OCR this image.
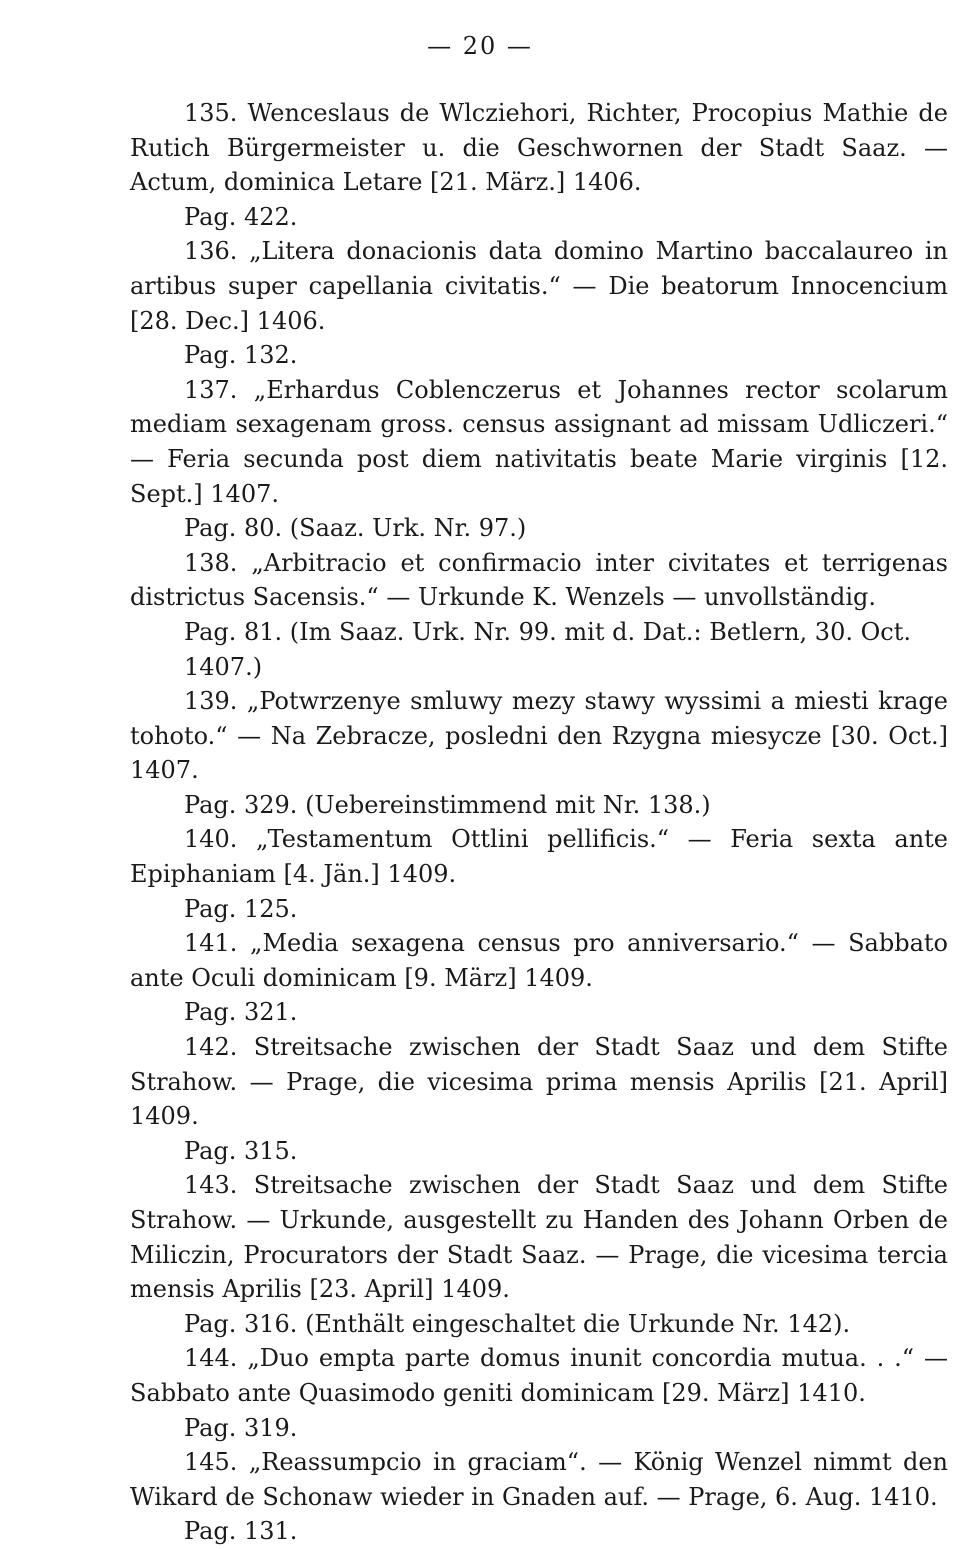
— 20 —

135. Wenceslaus de Wlcziehori, Richter, Procopius Mathie de Rutich Bürgermeister u. die Geschwornen der Stadt Saaz. — Actum, dominica Letare [21. März.] 1406.

Pag. 422.

136. „Litera donacionis data domino Martino baccalaureo in artibus super capellania civitatis.“ — Die beatorum Innocencium [28. Dec.] 1406.

Pag. 132.

137. „Erhardus Coblenczerus et Johannes rector scolarum mediam sexagenam gross. census assignant ad missam Udliczeri.“ — Feria secunda post diem nativitatis beate Marie virginis [12. Sept.] 1407.

Pag. 80. (Saaz. Urk. Nr. 97.)

138. „Arbitracio et confirmacio inter civitates et terrigenas districtus Sacensis.“ — Urkunde K. Wenzels — unvollständig.

Pag. 81. (Im Saaz. Urk. Nr. 99. mit d. Dat.: Betlern, 30. Oct. 1407.)

139. „Potwrzenye smluwy mezy stawy wyssimi a miesti krage tohoto.“ — Na Zebracze, posledni den Rzygna miesycze [30. Oct.] 1407.

Pag. 329. (Uebereinstimmend mit Nr. 138.)

140. „Testamentum Ottlini pellificis.“ — Feria sexta ante Epiphaniam [4. Jän.] 1409.

Pag. 125.

141. „Media sexagena census pro anniversario.“ — Sabbato ante Oculi dominicam [9. März] 1409.

Pag. 321.

142. Streitsache zwischen der Stadt Saaz und dem Stifte Strahow. — Prage, die vicesima prima mensis Aprilis [21. April] 1409.

Pag. 315.

143. Streitsache zwischen der Stadt Saaz und dem Stifte Strahow. — Urkunde, ausgestellt zu Handen des Johann Orben de Miliczin, Procurators der Stadt Saaz. — Prage, die vicesima tercia mensis Aprilis [23. April] 1409.

Pag. 316. (Enthält eingeschaltet die Urkunde Nr. 142).

144. „Duo empta parte domus inunit concordia mutua. . .“ — Sabbato ante Quasimodo geniti dominicam [29. März] 1410.

Pag. 319.

145. „Reassumpcio in graciam“. — König Wenzel nimmt den Wikard de Schonaw wieder in Gnaden auf. — Prage, 6. Aug. 1410.

Pag. 131.
